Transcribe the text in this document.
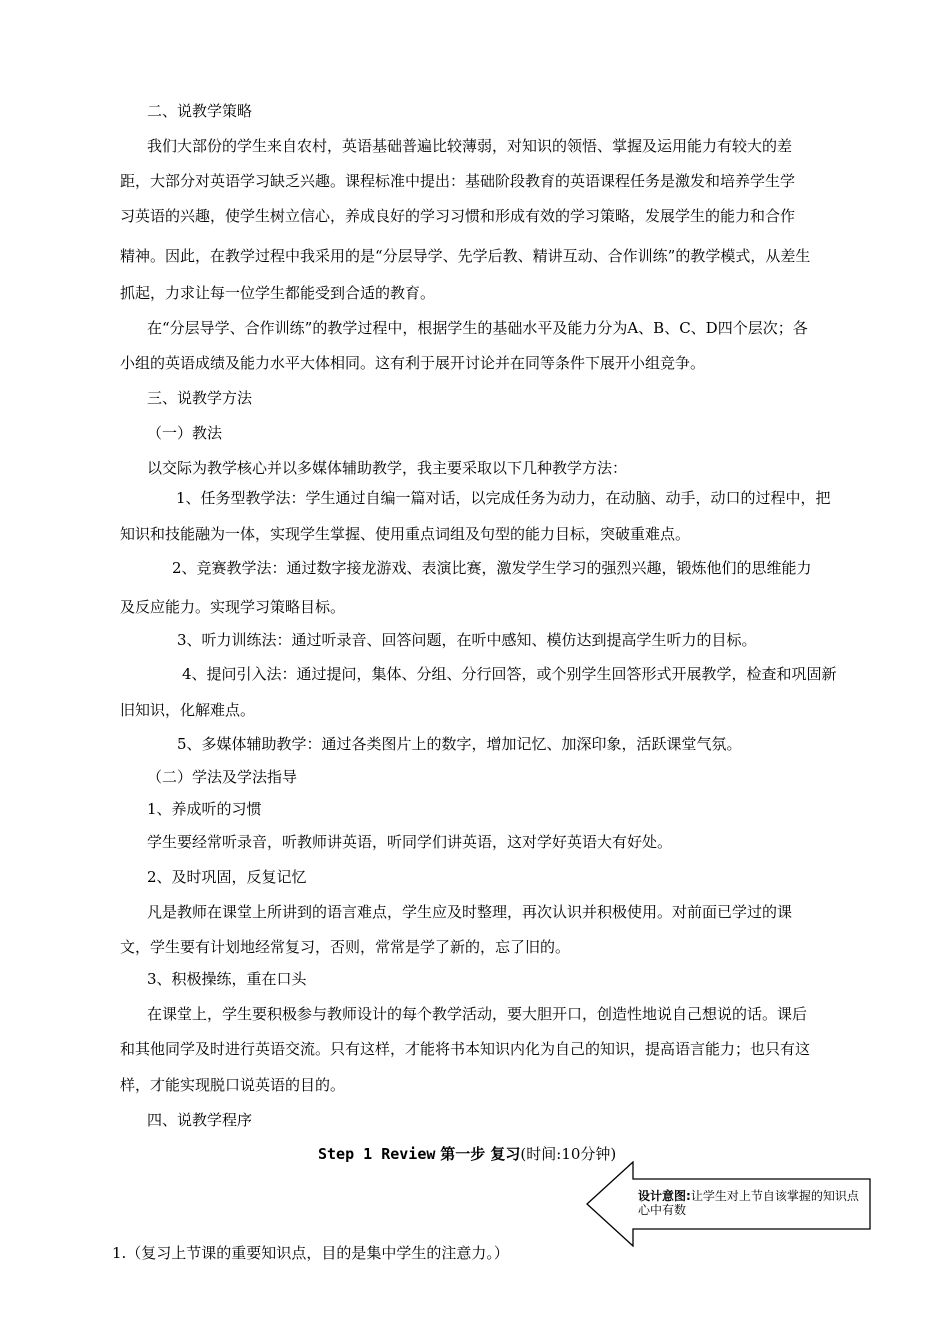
二、说教学策略
我们大部份的学生来自农村，英语基础普遍比较薄弱，对知识的领悟、掌握及运用能力有较大的差
距，大部分对英语学习缺乏兴趣。课程标准中提出：基础阶段教育的英语课程任务是激发和培养学生学
习英语的兴趣，使学生树立信心，养成良好的学习习惯和形成有效的学习策略，发展学生的能力和合作
精神。因此，在教学过程中我采用的是“分层导学、先学后教、精讲互动、合作训练”的教学模式，从差生
抓起，力求让每一位学生都能受到合适的教育。
在“分层导学、合作训练”的教学过程中，根据学生的基础水平及能力分为A、B、C、D四个层次；各
小组的英语成绩及能力水平大体相同。这有利于展开讨论并在同等条件下展开小组竞争。
三、说教学方法
（一）教法
以交际为教学核心并以多媒体辅助教学，我主要采取以下几种教学方法：
1、任务型教学法：学生通过自编一篇对话，以完成任务为动力，在动脑、动手，动口的过程中，把
知识和技能融为一体，实现学生掌握、使用重点词组及句型的能力目标，突破重难点。
2、竞赛教学法：通过数字接龙游戏、表演比赛，激发学生学习的强烈兴趣，锻炼他们的思维能力
及反应能力。实现学习策略目标。
3、听力训练法：通过听录音、回答问题，在听中感知、模仿达到提高学生听力的目标。
4、提问引入法：通过提问，集体、分组、分行回答，或个别学生回答形式开展教学，检查和巩固新
旧知识，化解难点。
5、多媒体辅助教学：通过各类图片上的数字，增加记忆、加深印象，活跃课堂气氛。
（二）学法及学法指导
1、养成听的习惯
学生要经常听录音，听教师讲英语，听同学们讲英语，这对学好英语大有好处。
2、及时巩固，反复记忆
凡是教师在课堂上所讲到的语言难点，学生应及时整理，再次认识并积极使用。对前面已学过的课
文，学生要有计划地经常复习，否则，常常是学了新的，忘了旧的。
3、积极操练，重在口头
在课堂上，学生要积极参与教师设计的每个教学活动，要大胆开口，创造性地说自己想说的话。课后
和其他同学及时进行英语交流。只有这样，才能将书本知识内化为自己的知识，提高语言能力；也只有这
样，才能实现脱口说英语的目的。
四、说教学程序
Step 1 Review 第一步 复习(时间:10分钟)
设计意图:让学生对上节自该掌握的知识点心中有数
1.（复习上节课的重要知识点，目的是集中学生的注意力。）
